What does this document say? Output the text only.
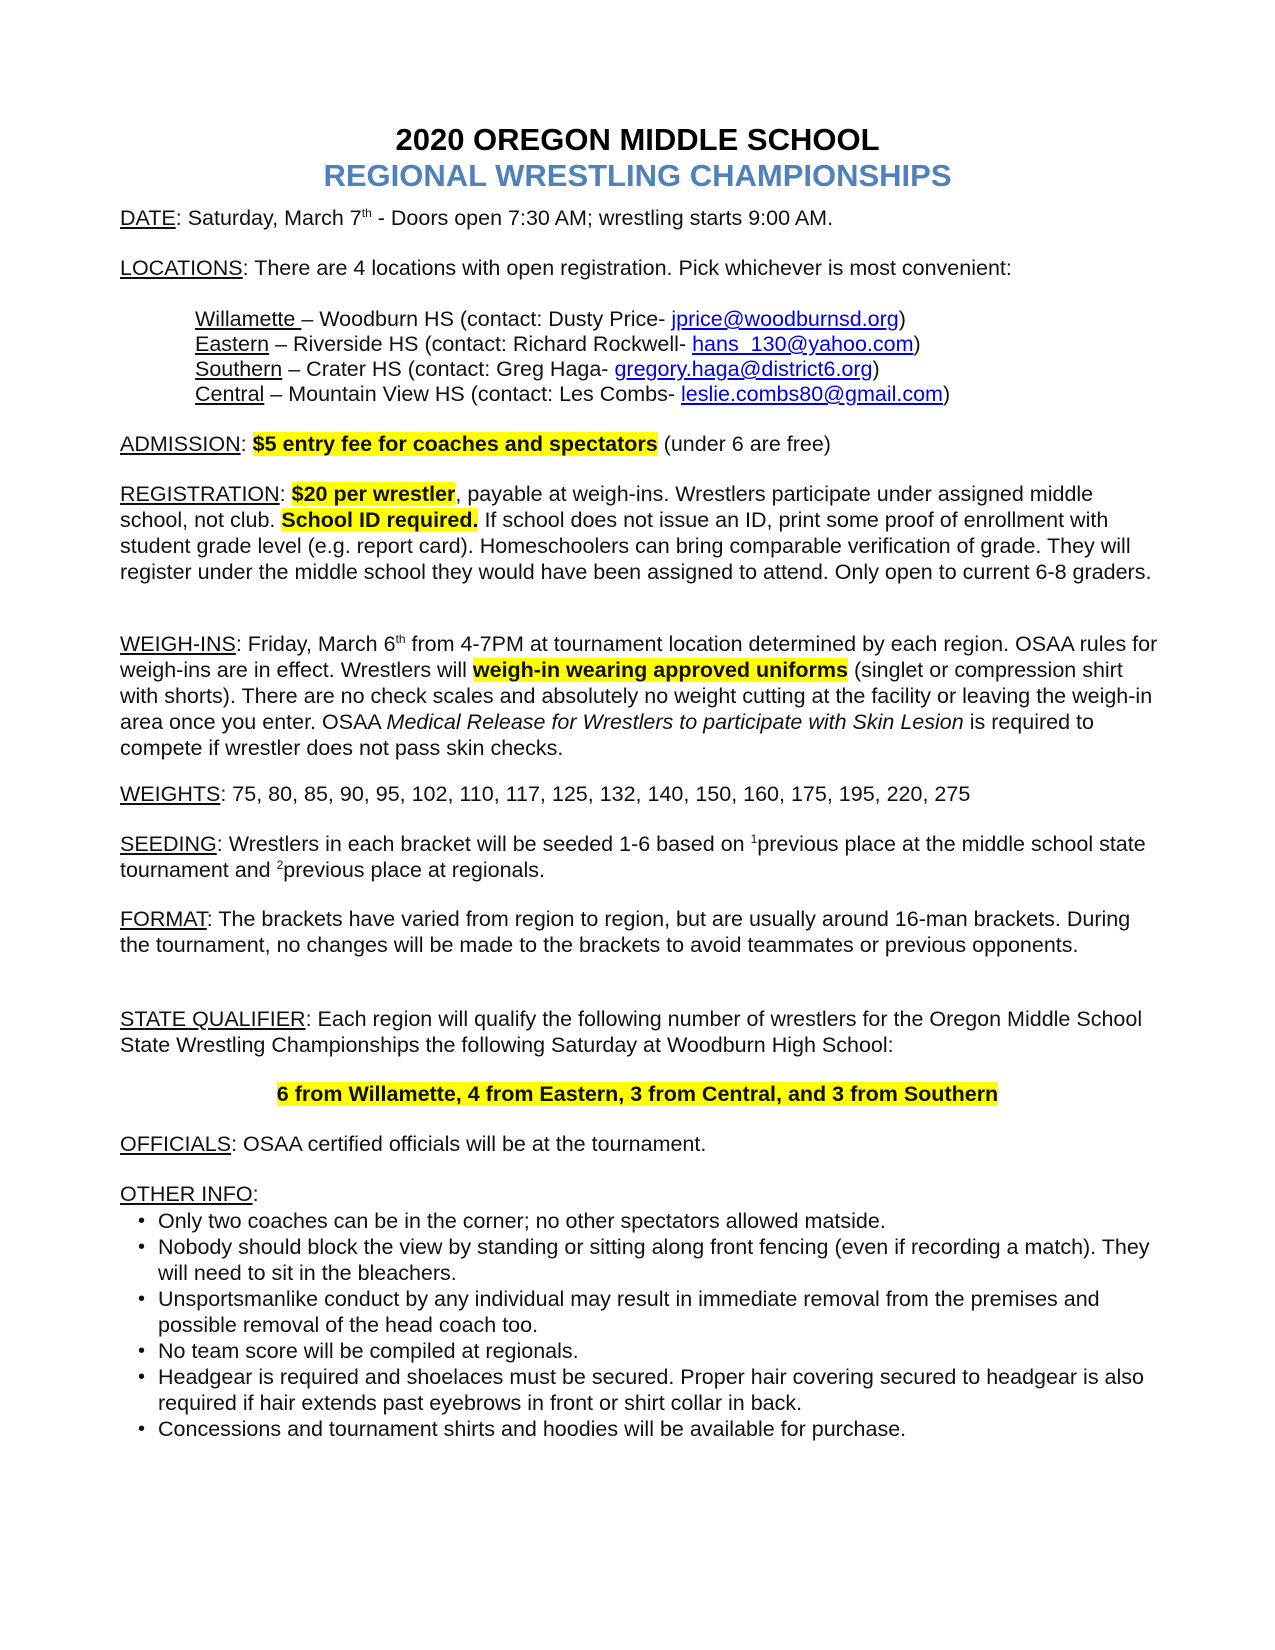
2020 OREGON MIDDLE SCHOOL
REGIONAL WRESTLING CHAMPIONSHIPS
DATE: Saturday, March 7th - Doors open 7:30 AM; wrestling starts 9:00 AM.
LOCATIONS: There are 4 locations with open registration. Pick whichever is most convenient:
Willamette – Woodburn HS (contact: Dusty Price- jprice@woodburnsd.org)
Eastern – Riverside HS (contact: Richard Rockwell- hans_130@yahoo.com)
Southern – Crater HS (contact: Greg Haga- gregory.haga@district6.org)
Central – Mountain View HS (contact: Les Combs- leslie.combs80@gmail.com)
ADMISSION: $5 entry fee for coaches and spectators (under 6 are free)
REGISTRATION: $20 per wrestler, payable at weigh-ins. Wrestlers participate under assigned middle school, not club. School ID required. If school does not issue an ID, print some proof of enrollment with student grade level (e.g. report card). Homeschoolers can bring comparable verification of grade. They will register under the middle school they would have been assigned to attend. Only open to current 6-8 graders.
WEIGH-INS: Friday, March 6th from 4-7PM at tournament location determined by each region. OSAA rules for weigh-ins are in effect. Wrestlers will weigh-in wearing approved uniforms (singlet or compression shirt with shorts). There are no check scales and absolutely no weight cutting at the facility or leaving the weigh-in area once you enter. OSAA Medical Release for Wrestlers to participate with Skin Lesion is required to compete if wrestler does not pass skin checks.
WEIGHTS: 75, 80, 85, 90, 95, 102, 110, 117, 125, 132, 140, 150, 160, 175, 195, 220, 275
SEEDING: Wrestlers in each bracket will be seeded 1-6 based on $^1$previous place at the middle school state tournament and $^2$previous place at regionals.
FORMAT: The brackets have varied from region to region, but are usually around 16-man brackets. During the tournament, no changes will be made to the brackets to avoid teammates or previous opponents.
STATE QUALIFIER: Each region will qualify the following number of wrestlers for the Oregon Middle School State Wrestling Championships the following Saturday at Woodburn High School:
6 from Willamette, 4 from Eastern, 3 from Central, and 3 from Southern
OFFICIALS: OSAA certified officials will be at the tournament.
OTHER INFO:
• Only two coaches can be in the corner; no other spectators allowed matside.
• Nobody should block the view by standing or sitting along front fencing (even if recording a match). They will need to sit in the bleachers.
• Unsportsmanlike conduct by any individual may result in immediate removal from the premises and possible removal of the head coach too.
• No team score will be compiled at regionals.
• Headgear is required and shoelaces must be secured. Proper hair covering secured to headgear is also required if hair extends past eyebrows in front or shirt collar in back.
• Concessions and tournament shirts and hoodies will be available for purchase.
